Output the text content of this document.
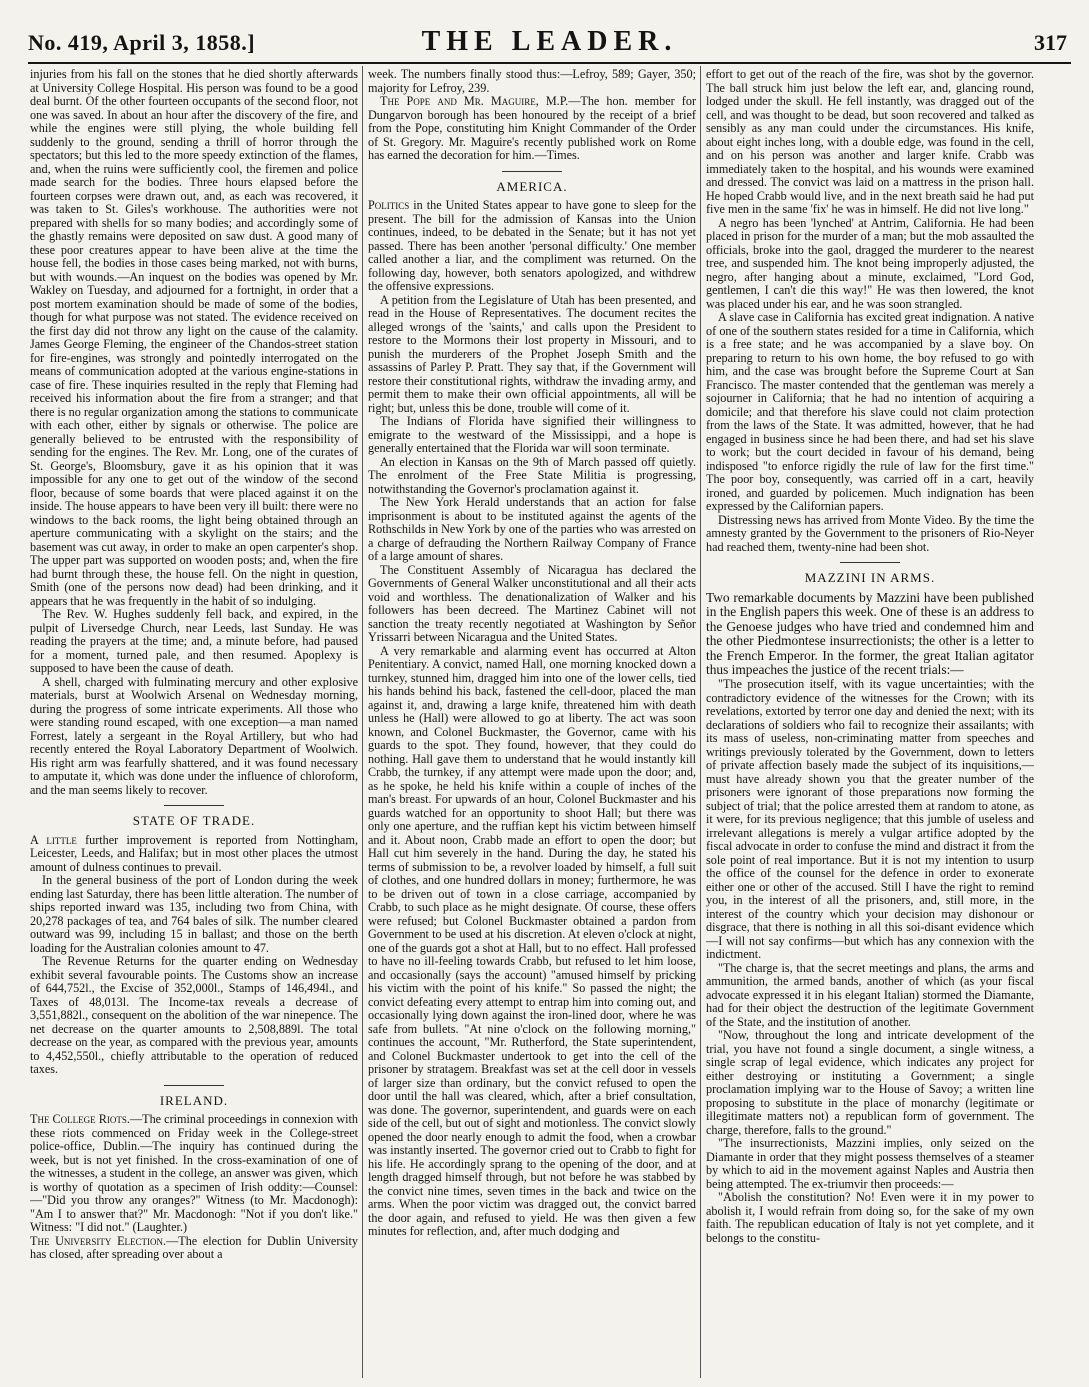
No. 419, April 3, 1858.]	THE LEADER.	317

injuries from his fall on the stones that he died shortly afterwards at University College Hospital. His person was found to be a good deal burnt. Of the other fourteen occupants of the second floor, not one was saved. In about an hour after the discovery of the fire, and while the engines were still plying, the whole building fell suddenly to the ground, sending a thrill of horror through the spectators; but this led to the more speedy extinction of the flames, and, when the ruins were sufficiently cool, the firemen and police made search for the bodies. Three hours elapsed before the fourteen corpses were drawn out, and, as each was recovered, it was taken to St. Giles's workhouse. The authorities were not prepared with shells for so many bodies; and accordingly some of the ghastly remains were deposited on saw dust. A good many of these poor creatures appear to have been alive at the time the house fell, the bodies in those cases being marked, not with burns, but with wounds.—An inquest on the bodies was opened by Mr. Wakley on Tuesday, and adjourned for a fortnight, in order that a post mortem examination should be made of some of the bodies, though for what purpose was not stated. The evidence received on the first day did not throw any light on the cause of the calamity. James George Fleming, the engineer of the Chandos-street station for fire-engines, was strongly and pointedly interrogated on the means of communication adopted at the various engine-stations in case of fire. These inquiries resulted in the reply that Fleming had received his information about the fire from a stranger; and that there is no regular organization among the stations to communicate with each other, either by signals or otherwise. The police are generally believed to be entrusted with the responsibility of sending for the engines. The Rev. Mr. Long, one of the curates of St. George's, Bloomsbury, gave it as his opinion that it was impossible for any one to get out of the window of the second floor, because of some boards that were placed against it on the inside. The house appears to have been very ill built: there were no windows to the back rooms, the light being obtained through an aperture communicating with a skylight on the stairs; and the basement was cut away, in order to make an open carpenter's shop. The upper part was supported on wooden posts; and, when the fire had burnt through these, the house fell. On the night in question, Smith (one of the persons now dead) had been drinking, and it appears that he was frequently in the habit of so indulging.

The Rev. W. Hughes suddenly fell back, and expired, in the pulpit of Liversedge Church, near Leeds, last Sunday. He was reading the prayers at the time; and, a minute before, had paused for a moment, turned pale, and then resumed. Apoplexy is supposed to have been the cause of death.

A shell, charged with fulminating mercury and other explosive materials, burst at Woolwich Arsenal on Wednesday morning, during the progress of some intricate experiments. All those who were standing round escaped, with one exception—a man named Forrest, lately a sergeant in the Royal Artillery, but who had recently entered the Royal Laboratory Department of Woolwich. His right arm was fearfully shattered, and it was found necessary to amputate it, which was done under the influence of chloroform, and the man seems likely to recover.

STATE OF TRADE.

A little further improvement is reported from Nottingham, Leicester, Leeds, and Halifax; but in most other places the utmost amount of dulness continues to prevail.

In the general business of the port of London during the week ending last Saturday, there has been little alteration. The number of ships reported inward was 135, including two from China, with 20,278 packages of tea, and 764 bales of silk. The number cleared outward was 99, including 15 in ballast; and those on the berth loading for the Australian colonies amount to 47.

The Revenue Returns for the quarter ending on Wednesday exhibit several favourable points. The Customs show an increase of 644,752l., the Excise of 352,000l., Stamps of 146,494l., and Taxes of 48,013l. The Income-tax reveals a decrease of 3,551,882l., consequent on the abolition of the war ninepence. The net decrease on the quarter amounts to 2,508,889l. The total decrease on the year, as compared with the previous year, amounts to 4,452,550l., chiefly attributable to the operation of reduced taxes.

IRELAND.

The College Riots.—The criminal proceedings in connexion with these riots commenced on Friday week in the College-street police-office, Dublin.—The inquiry has continued during the week, but is not yet finished. In the cross-examination of one of the witnesses, a student in the college, an answer was given, which is worthy of quotation as a specimen of Irish oddity:—Counsel:—"Did you throw any oranges?" Witness (to Mr. Macdonogh): "Am I to answer that?" Mr. Macdonogh: "Not if you don't like." Witness: "I did not." (Laughter.)

The University Election.—The election for Dublin University has closed, after spreading over about a

week. The numbers finally stood thus:—Lefroy, 589; Gayer, 350; majority for Lefroy, 239.

The Pope and Mr. Maguire, M.P.—The hon. member for Dungarvon borough has been honoured by the receipt of a brief from the Pope, constituting him Knight Commander of the Order of St. Gregory. Mr. Maguire's recently published work on Rome has earned the decoration for him.—Times.

AMERICA.

Politics in the United States appear to have gone to sleep for the present. The bill for the admission of Kansas into the Union continues, indeed, to be debated in the Senate; but it has not yet passed. There has been another 'personal difficulty.' One member called another a liar, and the compliment was returned. On the following day, however, both senators apologized, and withdrew the offensive expressions.

A petition from the Legislature of Utah has been presented, and read in the House of Representatives. The document recites the alleged wrongs of the 'saints,' and calls upon the President to restore to the Mormons their lost property in Missouri, and to punish the murderers of the Prophet Joseph Smith and the assassins of Parley P. Pratt. They say that, if the Government will restore their constitutional rights, withdraw the invading army, and permit them to make their own official appointments, all will be right; but, unless this be done, trouble will come of it.

The Indians of Florida have signified their willingness to emigrate to the westward of the Mississippi, and a hope is generally entertained that the Florida war will soon terminate.

An election in Kansas on the 9th of March passed off quietly. The enrolment of the Free State Militia is progressing, notwithstanding the Governor's proclamation against it.

The New York Herald understands that an action for false imprisonment is about to be instituted against the agents of the Rothschilds in New York by one of the parties who was arrested on a charge of defrauding the Northern Railway Company of France of a large amount of shares.

The Constituent Assembly of Nicaragua has declared the Governments of General Walker unconstitutional and all their acts void and worthless. The denationalization of Walker and his followers has been decreed. The Martinez Cabinet will not sanction the treaty recently negotiated at Washington by Señor Yrissarri between Nicaragua and the United States.

A very remarkable and alarming event has occurred at Alton Penitentiary. A convict, named Hall, one morning knocked down a turnkey, stunned him, dragged him into one of the lower cells, tied his hands behind his back, fastened the cell-door, placed the man against it, and, drawing a large knife, threatened him with death unless he (Hall) were allowed to go at liberty. The act was soon known, and Colonel Buckmaster, the Governor, came with his guards to the spot. They found, however, that they could do nothing. Hall gave them to understand that he would instantly kill Crabb, the turnkey, if any attempt were made upon the door; and, as he spoke, he held his knife within a couple of inches of the man's breast. For upwards of an hour, Colonel Buckmaster and his guards watched for an opportunity to shoot Hall; but there was only one aperture, and the ruffian kept his victim between himself and it. About noon, Crabb made an effort to open the door; but Hall cut him severely in the hand. During the day, he stated his terms of submission to be, a revolver loaded by himself, a full suit of clothes, and one hundred dollars in money; furthermore, he was to be driven out of town in a close carriage, accompanied by Crabb, to such place as he might designate. Of course, these offers were refused; but Colonel Buckmaster obtained a pardon from Government to be used at his discretion. At eleven o'clock at night, one of the guards got a shot at Hall, but to no effect. Hall professed to have no ill-feeling towards Crabb, but refused to let him loose, and occasionally (says the account) "amused himself by pricking his victim with the point of his knife." So passed the night; the convict defeating every attempt to entrap him into coming out, and occasionally lying down against the iron-lined door, where he was safe from bullets. "At nine o'clock on the following morning," continues the account, "Mr. Rutherford, the State superintendent, and Colonel Buckmaster undertook to get into the cell of the prisoner by stratagem. Breakfast was set at the cell door in vessels of larger size than ordinary, but the convict refused to open the door until the hall was cleared, which, after a brief consultation, was done. The governor, superintendent, and guards were on each side of the cell, but out of sight and motionless. The convict slowly opened the door nearly enough to admit the food, when a crowbar was instantly inserted. The governor cried out to Crabb to fight for his life. He accordingly sprang to the opening of the door, and at length dragged himself through, but not before he was stabbed by the convict nine times, seven times in the back and twice on the arms. When the poor victim was dragged out, the convict barred the door again, and refused to yield. He was then given a few minutes for reflection, and, after much dodging and

effort to get out of the reach of the fire, was shot by the governor. The ball struck him just below the left ear, and, glancing round, lodged under the skull. He fell instantly, was dragged out of the cell, and was thought to be dead, but soon recovered and talked as sensibly as any man could under the circumstances. His knife, about eight inches long, with a double edge, was found in the cell, and on his person was another and larger knife. Crabb was immediately taken to the hospital, and his wounds were examined and dressed. The convict was laid on a mattress in the prison hall. He hoped Crabb would live, and in the next breath said he had put five men in the same 'fix' he was in himself. He did not live long."

A negro has been 'lynched' at Antrim, California. He had been placed in prison for the murder of a man; but the mob assaulted the officials, broke into the gaol, dragged the murderer to the nearest tree, and suspended him. The knot being improperly adjusted, the negro, after hanging about a minute, exclaimed, "Lord God, gentlemen, I can't die this way!" He was then lowered, the knot was placed under his ear, and he was soon strangled.

A slave case in California has excited great indignation. A native of one of the southern states resided for a time in California, which is a free state; and he was accompanied by a slave boy. On preparing to return to his own home, the boy refused to go with him, and the case was brought before the Supreme Court at San Francisco. The master contended that the gentleman was merely a sojourner in California; that he had no intention of acquiring a domicile; and that therefore his slave could not claim protection from the laws of the State. It was admitted, however, that he had engaged in business since he had been there, and had set his slave to work; but the court decided in favour of his demand, being indisposed "to enforce rigidly the rule of law for the first time." The poor boy, consequently, was carried off in a cart, heavily ironed, and guarded by policemen. Much indignation has been expressed by the Californian papers.

Distressing news has arrived from Monte Video. By the time the amnesty granted by the Government to the prisoners of Rio-Neyer had reached them, twenty-nine had been shot.

MAZZINI IN ARMS.

Two remarkable documents by Mazzini have been published in the English papers this week. One of these is an address to the Genoese judges who have tried and condemned him and the other Piedmontese insurrectionists; the other is a letter to the French Emperor. In the former, the great Italian agitator thus impeaches the justice of the recent trials:—

"The prosecution itself, with its vague uncertainties; with the contradictory evidence of the witnesses for the Crown; with its revelations, extorted by terror one day and denied the next; with its declarations of soldiers who fail to recognize their assailants; with its mass of useless, non-criminating matter from speeches and writings previously tolerated by the Government, down to letters of private affection basely made the subject of its inquisitions,—must have already shown you that the greater number of the prisoners were ignorant of those preparations now forming the subject of trial; that the police arrested them at random to atone, as it were, for its previous negligence; that this jumble of useless and irrelevant allegations is merely a vulgar artifice adopted by the fiscal advocate in order to confuse the mind and distract it from the sole point of real importance. But it is not my intention to usurp the office of the counsel for the defence in order to exonerate either one or other of the accused. Still I have the right to remind you, in the interest of all the prisoners, and, still more, in the interest of the country which your decision may dishonour or disgrace, that there is nothing in all this soi-disant evidence which—I will not say confirms—but which has any connexion with the indictment.

"The charge is, that the secret meetings and plans, the arms and ammunition, the armed bands, another of which (as your fiscal advocate expressed it in his elegant Italian) stormed the Diamante, had for their object the destruction of the legitimate Government of the State, and the institution of another.

"Now, throughout the long and intricate development of the trial, you have not found a single document, a single witness, a single scrap of legal evidence, which indicates any project for either destroying or instituting a Government; a single proclamation implying war to the House of Savoy; a written line proposing to substitute in the place of monarchy (legitimate or illegitimate matters not) a republican form of government. The charge, therefore, falls to the ground."

"The insurrectionists, Mazzini implies, only seized on the Diamante in order that they might possess themselves of a steamer by which to aid in the movement against Naples and Austria then being attempted. The ex-triumvir then proceeds:—

"Abolish the constitution? No! Even were it in my power to abolish it, I would refrain from doing so, for the sake of my own faith. The republican education of Italy is not yet complete, and it belongs to the constitu-
